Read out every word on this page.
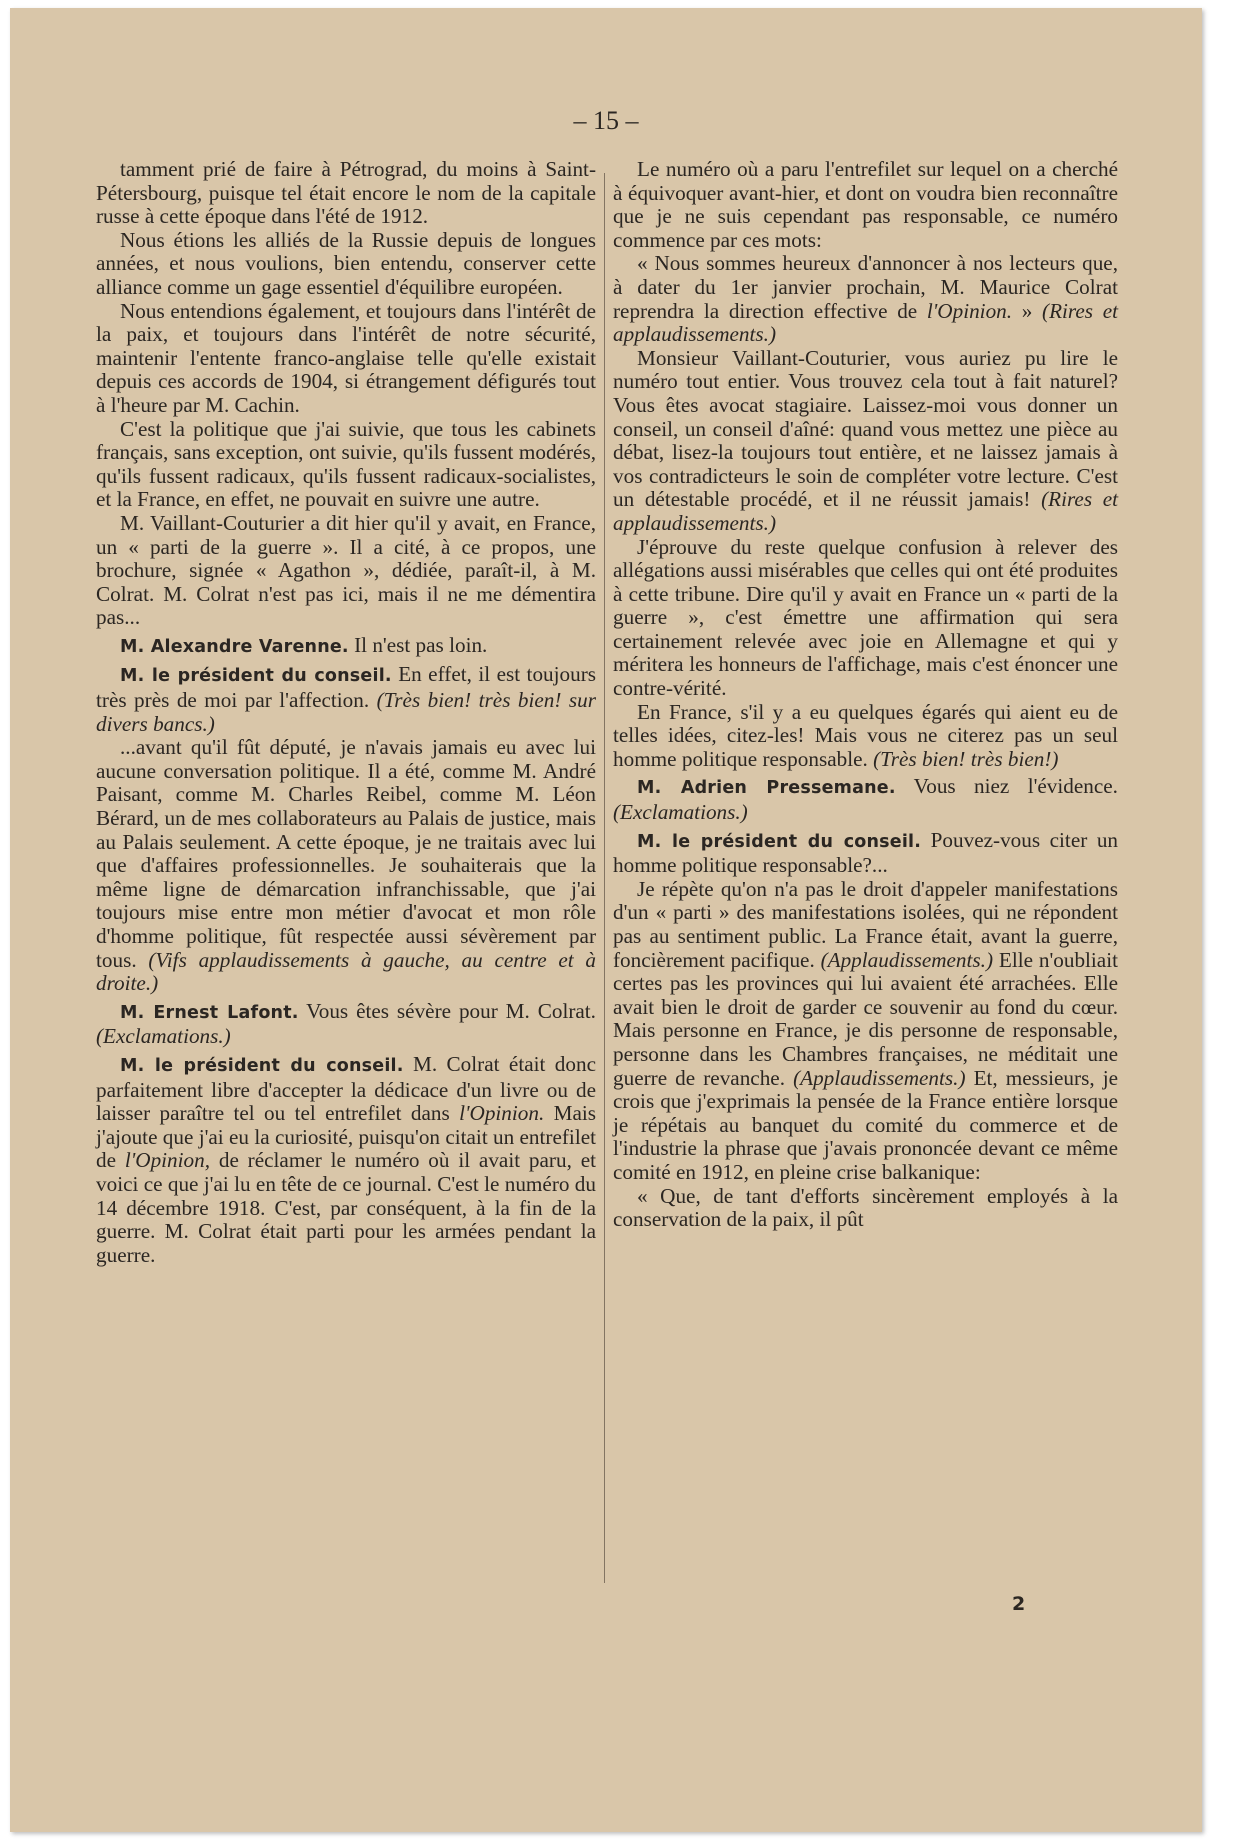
– 15 –

tamment prié de faire à Pétrograd, du moins à Saint-Pétersbourg, puisque tel était encore le nom de la capitale russe à cette époque dans l'été de 1912.

Nous étions les alliés de la Russie depuis de longues années, et nous voulions, bien entendu, conserver cette alliance comme un gage essentiel d'équilibre européen.

Nous entendions également, et toujours dans l'intérêt de la paix, et toujours dans l'intérêt de notre sécurité, maintenir l'entente franco-anglaise telle qu'elle existait depuis ces accords de 1904, si étrangement défigurés tout à l'heure par M. Cachin.

C'est la politique que j'ai suivie, que tous les cabinets français, sans exception, ont suivie, qu'ils fussent modérés, qu'ils fussent radicaux, qu'ils fussent radicaux-socialistes, et la France, en effet, ne pouvait en suivre une autre.

M. Vaillant-Couturier a dit hier qu'il y avait, en France, un « parti de la guerre ». Il a cité, à ce propos, une brochure, signée « Agathon », dédiée, paraît-il, à M. Colrat. M. Colrat n'est pas ici, mais il ne me démentira pas...

M. Alexandre Varenne. Il n'est pas loin.

M. le président du conseil. En effet, il est toujours très près de moi par l'affection. (Très bien! très bien! sur divers bancs.)

...avant qu'il fût député, je n'avais jamais eu avec lui aucune conversation politique. Il a été, comme M. André Paisant, comme M. Charles Reibel, comme M. Léon Bérard, un de mes collaborateurs au Palais de justice, mais au Palais seulement. A cette époque, je ne traitais avec lui que d'affaires professionnelles. Je souhaiterais que la même ligne de démarcation infranchissable, que j'ai toujours mise entre mon métier d'avocat et mon rôle d'homme politique, fût respectée aussi sévèrement par tous. (Vifs applaudissements à gauche, au centre et à droite.)

M. Ernest Lafont. Vous êtes sévère pour M. Colrat. (Exclamations.)

M. le président du conseil. M. Colrat était donc parfaitement libre d'accepter la dédicace d'un livre ou de laisser paraître tel ou tel entrefilet dans l'Opinion. Mais j'ajoute que j'ai eu la curiosité, puisqu'on citait un entrefilet de l'Opinion, de réclamer le numéro où il avait paru, et voici ce que j'ai lu en tête de ce journal. C'est le numéro du 14 décembre 1918. C'est, par conséquent, à la fin de la guerre. M. Colrat était parti pour les armées pendant la guerre.

Le numéro où a paru l'entrefilet sur lequel on a cherché à équivoquer avant-hier, et dont on voudra bien reconnaître que je ne suis cependant pas responsable, ce numéro commence par ces mots:

« Nous sommes heureux d'annoncer à nos lecteurs que, à dater du 1er janvier prochain, M. Maurice Colrat reprendra la direction effective de l'Opinion. » (Rires et applaudissements.)

Monsieur Vaillant-Couturier, vous auriez pu lire le numéro tout entier. Vous trouvez cela tout à fait naturel? Vous êtes avocat stagiaire. Laissez-moi vous donner un conseil, un conseil d'aîné: quand vous mettez une pièce au débat, lisez-la toujours tout entière, et ne laissez jamais à vos contradicteurs le soin de compléter votre lecture. C'est un détestable procédé, et il ne réussit jamais! (Rires et applaudissements.)

J'éprouve du reste quelque confusion à relever des allégations aussi misérables que celles qui ont été produites à cette tribune. Dire qu'il y avait en France un « parti de la guerre », c'est émettre une affirmation qui sera certainement relevée avec joie en Allemagne et qui y méritera les honneurs de l'affichage, mais c'est énoncer une contre-vérité.

En France, s'il y a eu quelques égarés qui aient eu de telles idées, citez-les! Mais vous ne citerez pas un seul homme politique responsable. (Très bien! très bien!)

M. Adrien Pressemane. Vous niez l'évidence. (Exclamations.)

M. le président du conseil. Pouvez-vous citer un homme politique responsable?...

Je répète qu'on n'a pas le droit d'appeler manifestations d'un « parti » des manifestations isolées, qui ne répondent pas au sentiment public. La France était, avant la guerre, foncièrement pacifique. (Applaudissements.) Elle n'oubliait certes pas les provinces qui lui avaient été arrachées. Elle avait bien le droit de garder ce souvenir au fond du cœur. Mais personne en France, je dis personne de responsable, personne dans les Chambres françaises, ne méditait une guerre de revanche. (Applaudissements.) Et, messieurs, je crois que j'exprimais la pensée de la France entière lorsque je répétais au banquet du comité du commerce et de l'industrie la phrase que j'avais prononcée devant ce même comité en 1912, en pleine crise balkanique:

« Que, de tant d'efforts sincèrement employés à la conservation de la paix, il pût

2
